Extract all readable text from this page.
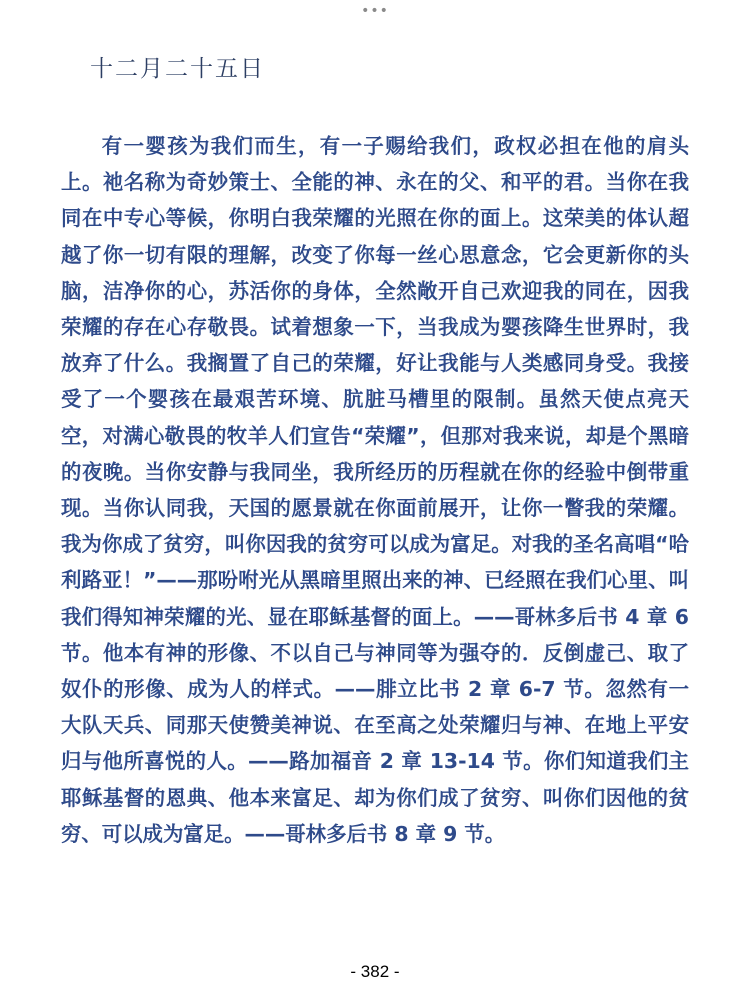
•••
十二月二十五日

有一婴孩为我们而生，有一子赐给我们，政权必担在他的肩头上。祂名称为奇妙策士、全能的神、永在的父、和平的君。当你在我同在中专心等候，你明白我荣耀的光照在你的面上。这荣美的体认超越了你一切有限的理解，改变了你每一丝心思意念，它会更新你的头脑，洁净你的心，苏活你的身体，全然敞开自己欢迎我的同在，因我荣耀的存在心存敬畏。试着想象一下，当我成为婴孩降生世界时，我放弃了什么。我搁置了自己的荣耀，好让我能与人类感同身受。我接受了一个婴孩在最艰苦环境、肮脏马槽里的限制。虽然天使点亮天空，对满心敬畏的牧羊人们宣告“荣耀”，但那对我来说，却是个黑暗的夜晚。当你安静与我同坐，我所经历的历程就在你的经验中倒带重现。当你认同我，天国的愿景就在你面前展开，让你一瞥我的荣耀。我为你成了贫穷，叫你因我的贫穷可以成为富足。对我的圣名高唱“哈利路亚！”——那吩咐光从黑暗里照出来的神、已经照在我们心里、叫我们得知神荣耀的光、显在耶稣基督的面上。——哥林多后书 4 章 6 节。他本有神的形像、不以自己与神同等为强夺的．反倒虚己、取了奴仆的形像、成为人的样式。——腓立比书 2 章 6-7 节。忽然有一大队天兵、同那天使赞美神说、在至高之处荣耀归与神、在地上平安归与他所喜悦的人。——路加福音 2 章 13-14 节。你们知道我们主耶稣基督的恩典、他本来富足、却为你们成了贫穷、叫你们因他的贫穷、可以成为富足。——哥林多后书 8 章 9 节。

- 382 -
